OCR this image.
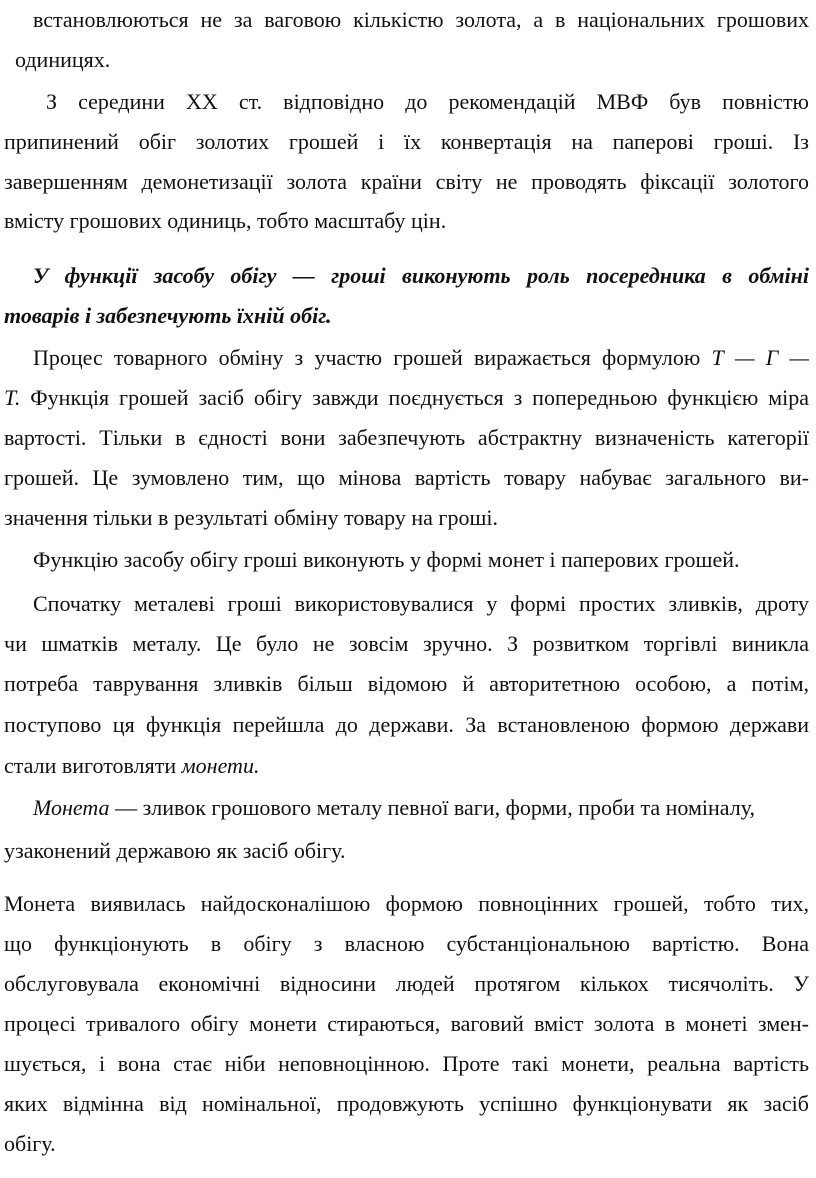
встановлюються не за ваговою кількістю золота, а в національних грошових
одиницях.
З середини XX ст. відповідно до рекомендацій МВФ був повністю
припинений обіг золотих грошей і їх конвертація на паперові гроші. Із
завершенням демонетизації золота країни світу не проводять фіксації золотого
вмісту грошових одиниць, тобто масштабу цін.
У функції засобу обігу — гроші виконують роль посередника в обміні
товарів і забезпечують їхній обіг.
Процес товарного обміну з участю грошей виражається формулою Т — Г —
Т. Функція грошей засіб обігу завжди поєднується з попередньою функцією міра
вартості. Тільки в єдності вони забезпечують абстрактну визначеність категорії
грошей. Це зумовлено тим, що мінова вартість товару набуває загального ви-
значення тільки в результаті обміну товару на гроші.
Функцію засобу обігу гроші виконують у формі монет і паперових грошей.
Спочатку металеві гроші використовувалися у формі простих зливків, дроту
чи шматків металу. Це було не зовсім зручно. З розвитком торгівлі виникла
потреба таврування зливків більш відомою й авторитетною особою, а потім,
поступово ця функція перейшла до держави. За встановленою формою держави
стали виготовляти монети.
Монета — зливок грошового металу певної ваги, форми, проби та номіналу,
узаконений державою як засіб обігу.
Монета виявилась найдосконалішою формою повноцінних грошей, тобто тих,
що функціонують в обігу з власною субстанціональною вартістю. Вона
обслуговувала економічні відносини людей протягом кількох тисячоліть. У
процесі тривалого обігу монети стираються, ваговий вміст золота в монеті змен-
шується, і вона стає ніби неповноцінною. Проте такі монети, реальна вартість
яких відмінна від номінальної, продовжують успішно функціонувати як засіб
обігу.
